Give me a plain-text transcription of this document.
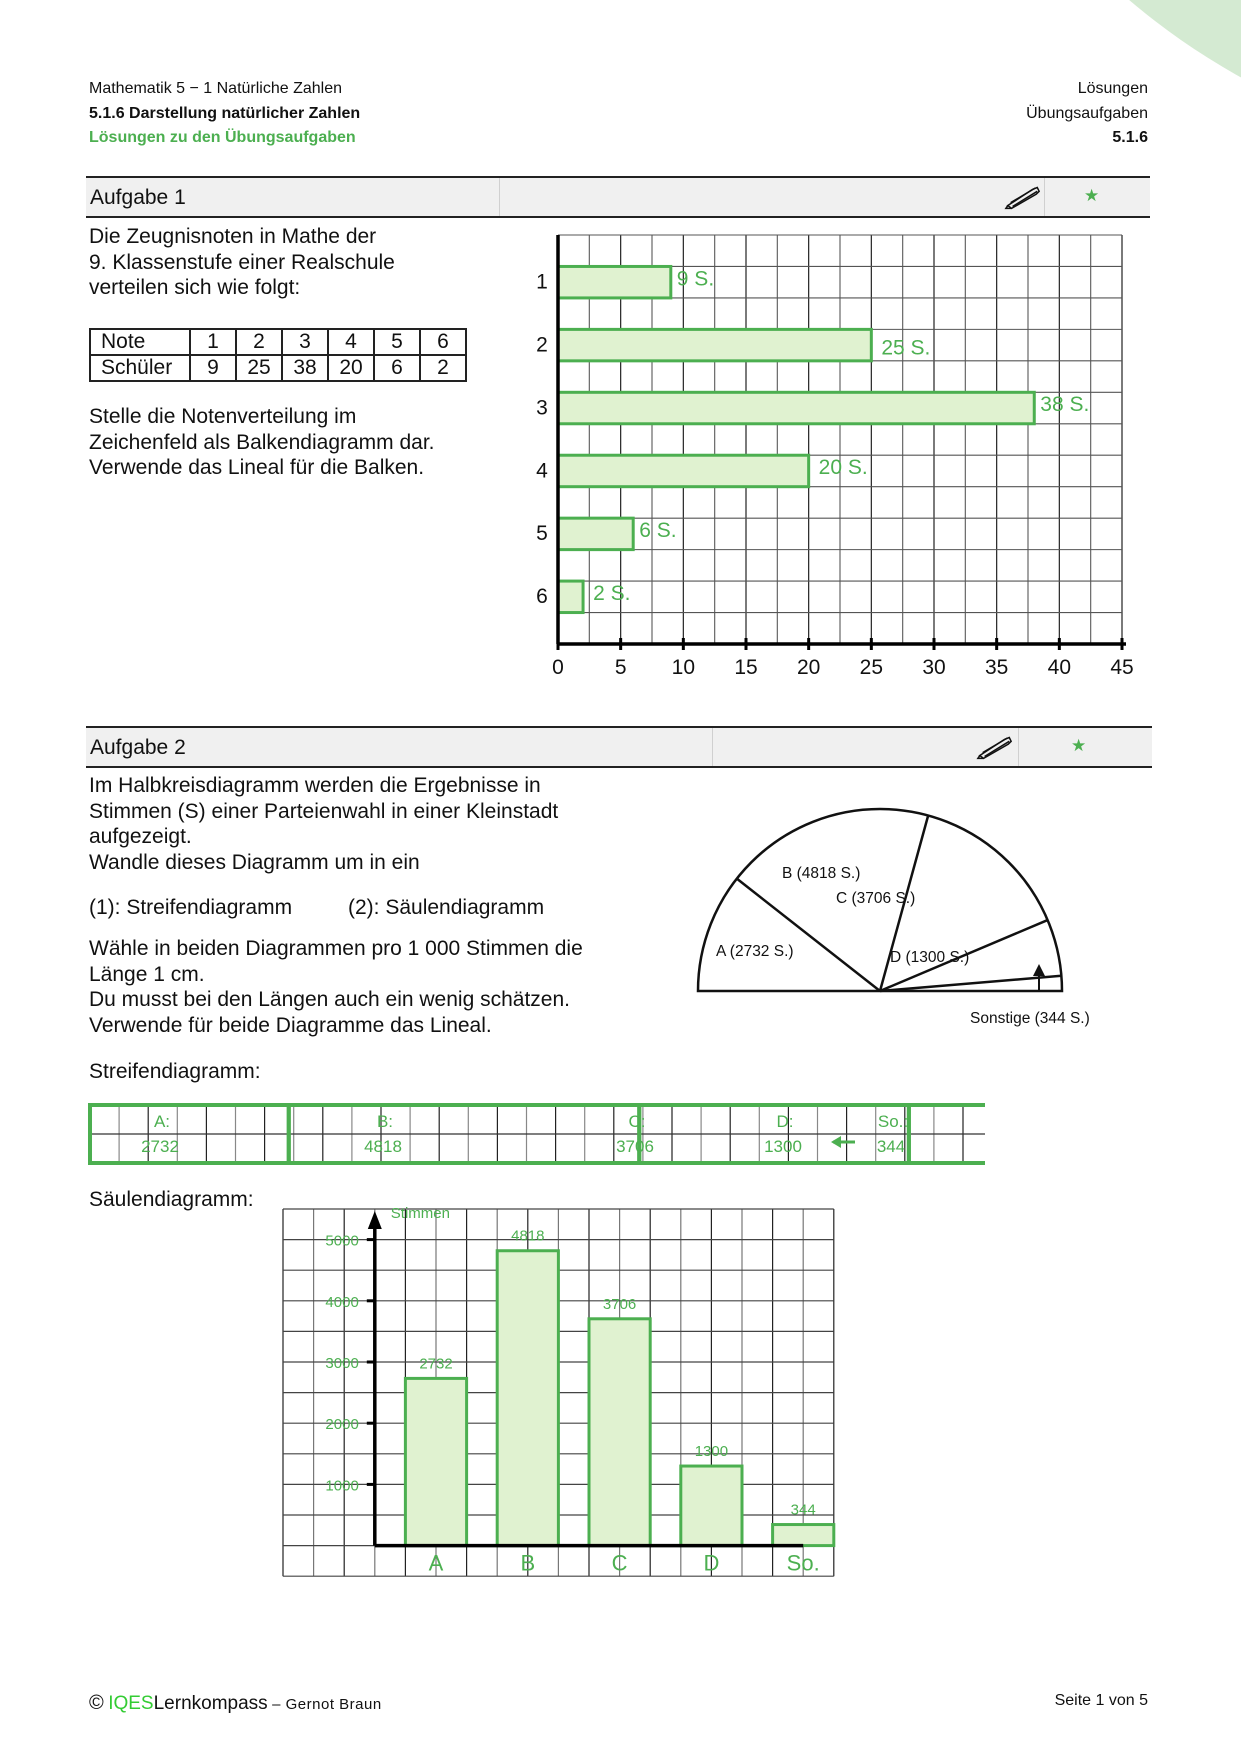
Mathematik 5 − 1 Natürliche Zahlen
5.1.6 Darstellung natürlicher Zahlen
Lösungen zu den Übungsaufgaben
Lösungen
Übungsaufgaben
5.1.6
Aufgabe 1	★
Die Zeugnisnoten in Mathe der
9. Klassenstufe einer Realschule
verteilen sich wie folgt:
Note	1	2	3	4	5	6
Schüler	9	25	38	20	6	2
Stelle die Notenverteilung im
Zeichenfeld als Balkendiagramm dar.
Verwende das Lineal für die Balken.
9 S.
25 S.
38 S.
20 S.
6 S.
2 S.
1
2
3
4
5
6
0 5 10 15 20 25 30 35 40 45
Aufgabe 2	★
Im Halbkreisdiagramm werden die Ergebnisse in
Stimmen (S) einer Parteienwahl in einer Kleinstadt
aufgezeigt.
Wandle dieses Diagramm um in ein
(1): Streifendiagramm	(2): Säulendiagramm
Wähle in beiden Diagrammen pro 1 000 Stimmen die
Länge 1 cm.
Du musst bei den Längen auch ein wenig schätzen.
Verwende für beide Diagramme das Lineal.
A (2732 S.)
B (4818 S.)
C (3706 S.)
D (1300 S.)
Sonstige (344 S.)
Streifendiagramm:
A:
2732
B:
4818
C:
3706
D:
1300
So.:
344
Säulendiagramm:
1000
2000
3000
4000
5000
2732
A
4818
B
3706
C
1300
D
344
So.
Stimmen
© IQESLernkompass – Gernot Braun	Seite 1 von 5
